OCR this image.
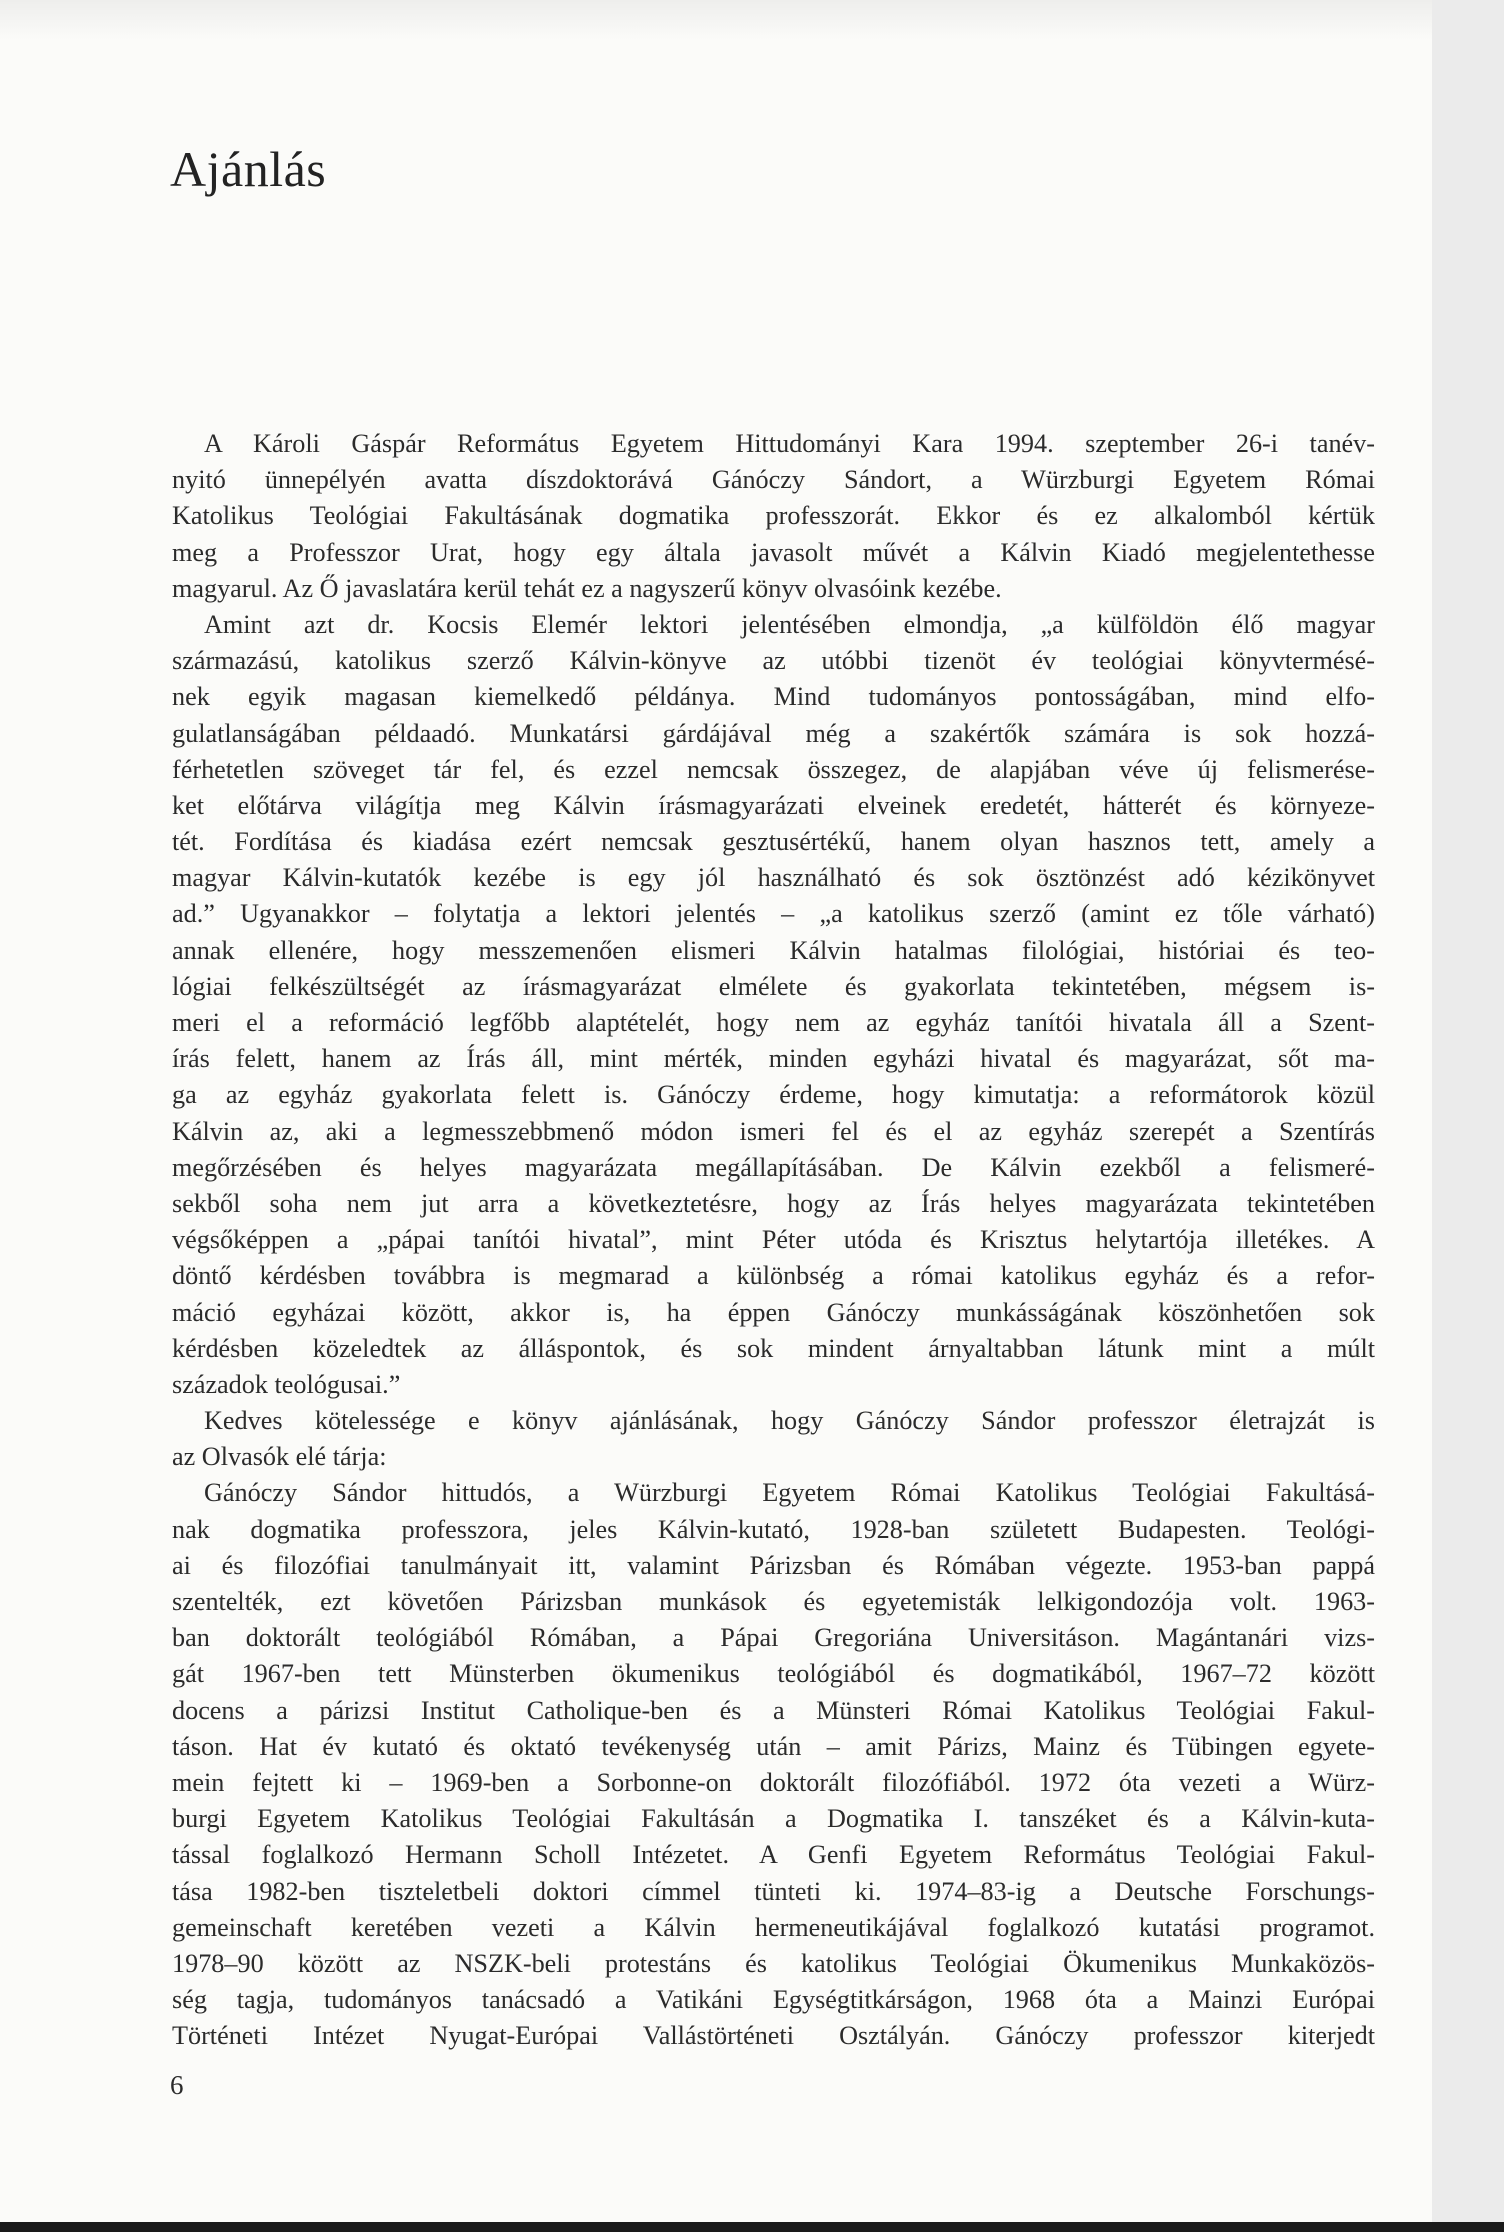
Ajánlás
A Károli Gáspár Református Egyetem Hittudományi Kara 1994. szeptember 26-i tanév-
nyitó ünnepélyén avatta díszdoktorává Gánóczy Sándort, a Würzburgi Egyetem Római
Katolikus Teológiai Fakultásának dogmatika professzorát. Ekkor és ez alkalomból kértük
meg a Professzor Urat, hogy egy általa javasolt művét a Kálvin Kiadó megjelentethesse
magyarul. Az Ő javaslatára kerül tehát ez a nagyszerű könyv olvasóink kezébe.
Amint azt dr. Kocsis Elemér lektori jelentésében elmondja, „a külföldön élő magyar
származású, katolikus szerző Kálvin-könyve az utóbbi tizenöt év teológiai könyvtermésé-
nek egyik magasan kiemelkedő példánya. Mind tudományos pontosságában, mind elfo-
gulatlanságában példaadó. Munkatársi gárdájával még a szakértők számára is sok hozzá-
férhetetlen szöveget tár fel, és ezzel nemcsak összegez, de alapjában véve új felismerése-
ket előtárva világítja meg Kálvin írásmagyarázati elveinek eredetét, hátterét és környeze-
tét. Fordítása és kiadása ezért nemcsak gesztusértékű, hanem olyan hasznos tett, amely a
magyar Kálvin-kutatók kezébe is egy jól használható és sok ösztönzést adó kézikönyvet
ad.” Ugyanakkor – folytatja a lektori jelentés – „a katolikus szerző (amint ez tőle várható)
annak ellenére, hogy messzemenően elismeri Kálvin hatalmas filológiai, históriai és teo-
lógiai felkészültségét az írásmagyarázat elmélete és gyakorlata tekintetében, mégsem is-
meri el a reformáció legfőbb alaptételét, hogy nem az egyház tanítói hivatala áll a Szent-
írás felett, hanem az Írás áll, mint mérték, minden egyházi hivatal és magyarázat, sőt ma-
ga az egyház gyakorlata felett is. Gánóczy érdeme, hogy kimutatja: a reformátorok közül
Kálvin az, aki a legmesszebbmenő módon ismeri fel és el az egyház szerepét a Szentírás
megőrzésében és helyes magyarázata megállapításában. De Kálvin ezekből a felismeré-
sekből soha nem jut arra a következtetésre, hogy az Írás helyes magyarázata tekintetében
végsőképpen a „pápai tanítói hivatal”, mint Péter utóda és Krisztus helytartója illetékes. A
döntő kérdésben továbbra is megmarad a különbség a római katolikus egyház és a refor-
máció egyházai között, akkor is, ha éppen Gánóczy munkásságának köszönhetően sok
kérdésben közeledtek az álláspontok, és sok mindent árnyaltabban látunk mint a múlt
századok teológusai.”
Kedves kötelessége e könyv ajánlásának, hogy Gánóczy Sándor professzor életrajzát is
az Olvasók elé tárja:
Gánóczy Sándor hittudós, a Würzburgi Egyetem Római Katolikus Teológiai Fakultásá-
nak dogmatika professzora, jeles Kálvin-kutató, 1928-ban született Budapesten. Teológi-
ai és filozófiai tanulmányait itt, valamint Párizsban és Rómában végezte. 1953-ban pappá
szentelték, ezt követően Párizsban munkások és egyetemisták lelkigondozója volt. 1963-
ban doktorált teológiából Rómában, a Pápai Gregoriána Universitáson. Magántanári vizs-
gát 1967-ben tett Münsterben ökumenikus teológiából és dogmatikából, 1967–72 között
docens a párizsi Institut Catholique-ben és a Münsteri Római Katolikus Teológiai Fakul-
táson. Hat év kutató és oktató tevékenység után – amit Párizs, Mainz és Tübingen egyete-
mein fejtett ki – 1969-ben a Sorbonne-on doktorált filozófiából. 1972 óta vezeti a Würz-
burgi Egyetem Katolikus Teológiai Fakultásán a Dogmatika I. tanszéket és a Kálvin-kuta-
tással foglalkozó Hermann Scholl Intézetet. A Genfi Egyetem Református Teológiai Fakul-
tása 1982-ben tiszteletbeli doktori címmel tünteti ki. 1974–83-ig a Deutsche Forschungs-
gemeinschaft keretében vezeti a Kálvin hermeneutikájával foglalkozó kutatási programot.
1978–90 között az NSZK-beli protestáns és katolikus Teológiai Ökumenikus Munkaközös-
ség tagja, tudományos tanácsadó a Vatikáni Egységtitkárságon, 1968 óta a Mainzi Európai
Történeti Intézet Nyugat-Európai Vallástörténeti Osztályán. Gánóczy professzor kiterjedt
6
